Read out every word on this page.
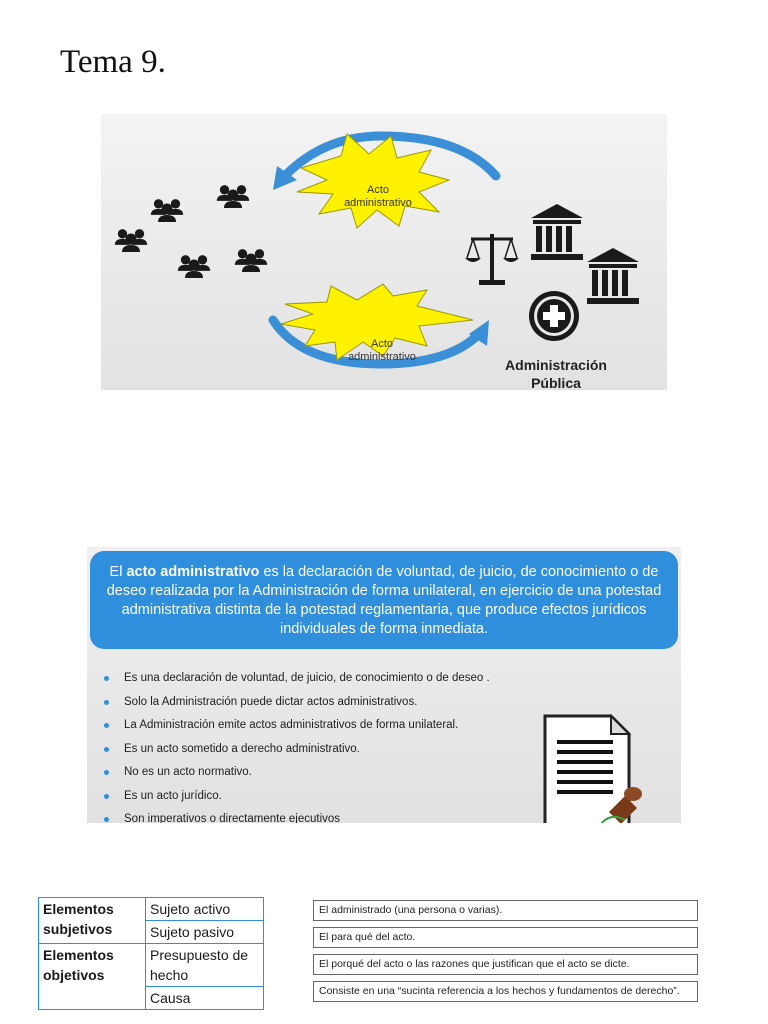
Tema 9.
Acto
administrativo
Acto
administrativo	Administración
Pública
El acto administrativo es la declaración de voluntad, de juicio, de conocimiento o de deseo realizada por la Administración de forma unilateral, en ejercicio de una potestad administrativa distinta de la potestad reglamentaria, que produce efectos jurídicos individuales de forma inmediata.
Es una declaración de voluntad, de juicio, de conocimiento o de deseo .
Solo la Administración puede dictar actos administrativos.
La Administración emite actos administrativos de forma unilateral.
Es un acto sometido a derecho administrativo.
No es un acto normativo.
Es un acto jurídico.
Son imperativos o directamente ejecutivos
Elementos subjetivos	Sujeto activo
	Sujeto pasivo
Elementos objetivos	Presupuesto de hecho
	Causa
El administrado (una persona o varias).
El para qué del acto.
El porqué del acto o las razones que justifican que el acto se dicte.
Consiste en una “sucinta referencia a los hechos y fundamentos de derecho”.
